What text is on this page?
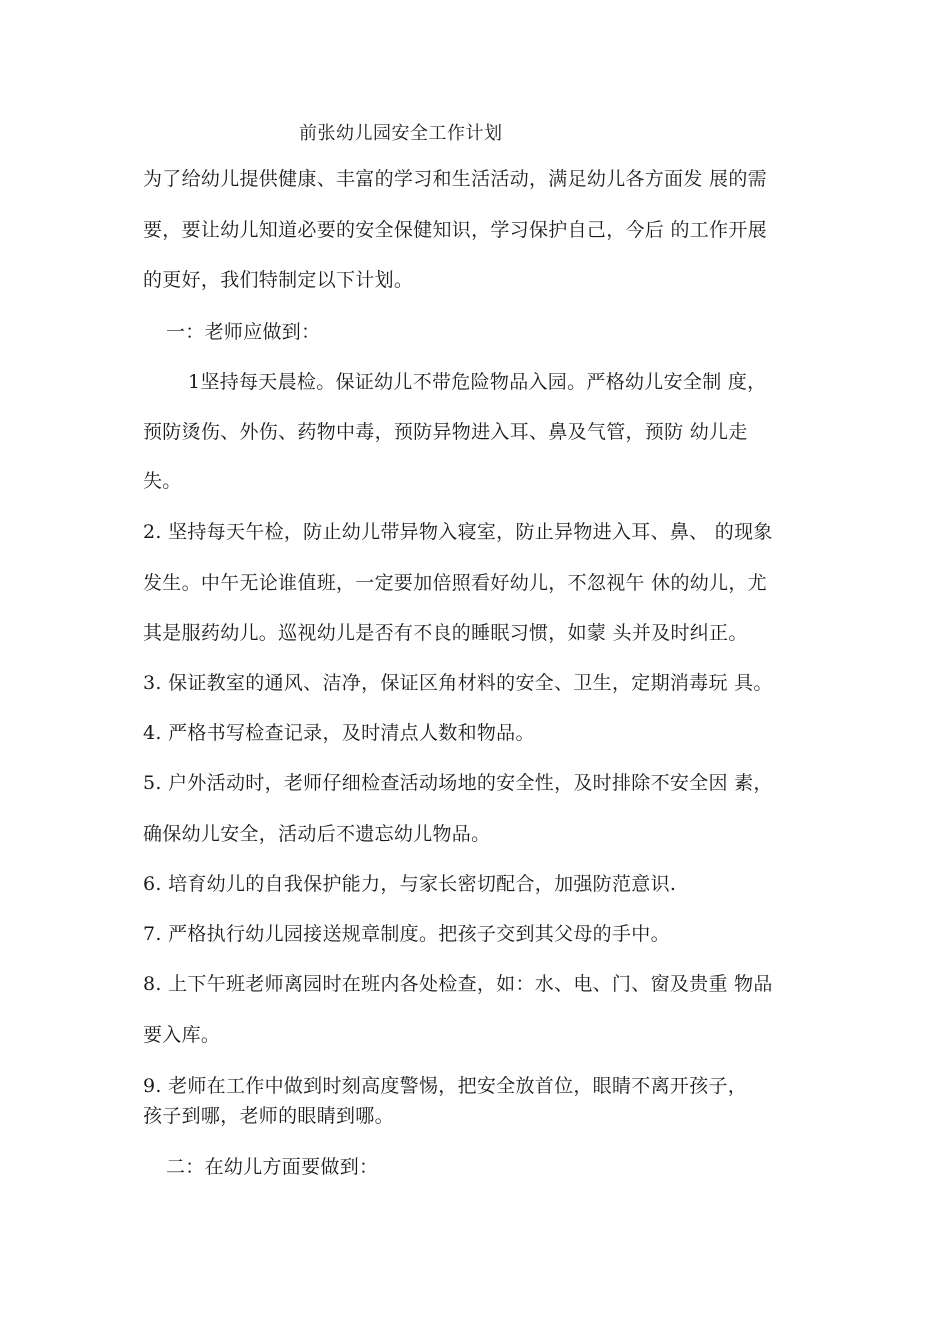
前张幼儿园安全工作计划
为了给幼儿提供健康、丰富的学习和生活活动，满足幼儿各方面发 展的需
要，要让幼儿知道必要的安全保健知识，学习保护自己，今后 的工作开展
的更好，我们特制定以下计划。
一：老师应做到：
1坚持每天晨检。保证幼儿不带危险物品入园。严格幼儿安全制 度，
预防烫伤、外伤、药物中毒，预防异物进入耳、鼻及气管，预防 幼儿走
失。
2. 坚持每天午检，防止幼儿带异物入寝室，防止异物进入耳、鼻、 的现象
发生。中午无论谁值班，一定要加倍照看好幼儿，不忽视午 休的幼儿，尤
其是服药幼儿。巡视幼儿是否有不良的睡眠习惯，如蒙 头并及时纠正。
3. 保证教室的通风、洁净，保证区角材料的安全、卫生，定期消毒玩 具。
4. 严格书写检查记录，及时清点人数和物品。
5. 户外活动时，老师仔细检查活动场地的安全性，及时排除不安全因 素，
确保幼儿安全，活动后不遗忘幼儿物品。
6. 培育幼儿的自我保护能力，与家长密切配合，加强防范意识.
7. 严格执行幼儿园接送规章制度。把孩子交到其父母的手中。
8. 上下午班老师离园时在班内各处检查，如：水、电、门、窗及贵重 物品
要入库。
9. 老师在工作中做到时刻高度警惕，把安全放首位，眼睛不离开孩子，
孩子到哪，老师的眼睛到哪。
二：在幼儿方面要做到：
